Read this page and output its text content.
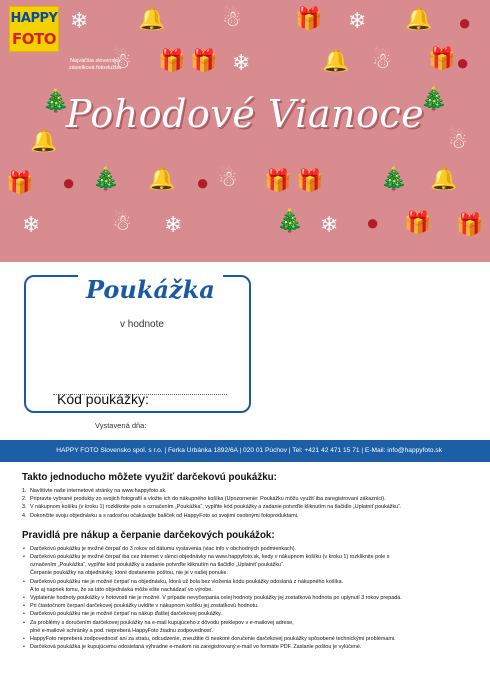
❄ 🔔	☃ 🎁 ❄ 🔔 ●
☃ 🎁 🎁 ❄	🔔 ☃ 🎁 ●
🎄	🎄
🔔	☃
🎁 ● 🎄 🔔 ● ☃ 🎁 🎁	🎄 🔔
❄	☃ ❄	🎄 ❄ ● 🎁 🎁
HAPPY
FOTO
Najväčšia slovenská zásielková fotoslužba
Pohodové Vianoce
Poukážka
v hodnote
Kód poukážky:
Vystavená dňa:
HAPPY FOTO Slovensko spol. s r.o. | Ferka Urbánka 1892/6A | 020 01 Púchov | Tel: +421 42 471 15 71 | E-Mail: info@happyfoto.sk
Takto jednoducho môžete využiť darčekovú poukážku:
1. Navštívte naše internetové stránky na www.happyfoto.sk.
2. Pripravte vybrané produkty zo svojich fotografií a vložte ich do nákupného košíka (Upozornenie: Poukážku môžu využiť iba zaregistrovaní zákazníci).
3. V nákupnom košíku (v kroku 1) rozkliknite pole s označením „Poukážka“, vyplňte kód poukážky a zadanie potvrďte kliknutím na tlačidlo „Uplatniť poukážku“.
4. Dokončite svoju objednávku a s radosťou očakávajte balíček od HappyFoto so svojimi osobnými fotoproduktami.
Pravidlá pre nákup a čerpanie darčekových poukážok:
• Darčekovú poukážku je možné čerpať do 3 rokov od dátumu vystavenia (viac info v obchodných podmienkach).
• Darčekovú poukážku je možné čerpať iba cez internet v rámci objednávky na www.happyfoto.sk, kedy v nákupnom košíku (v kroku 1) rozkliknite pole s
označením „Poukážka“, vyplňte kód poukážky a zadanie potvrďte kliknutím na tlačidlo „Uplatniť poukážku“.
Čerpanie poukážky na objednávky, ktoré dostaneme poštou, nie je v našej ponuke.
• Darčekovú poukážku nie je možné čerpať na objednávku, ktorá už bola bez vloženia kódu poukážky odoslaná z nákupného košíka.
A to aj napriek tomu, že sa táto objednávka môže ešte nachádzať vo výrobe.
• Vyplatenie hodnoty poukážky v hotovosti nie je možné. V prípade nevyčerpania celej hodnoty poukážky jej zostatková hodnota po uplynutí 3 rokov prepadá.
• Pri čiastočnom čerpaní darčekovej poukážky uvidíte v nákupnom košíku jej zostatkovú hodnotu.
• Darčekovú poukážku nie je možné čerpať na nákup ďalšej darčekovej poukážky.
• Za problémy s doručením darčekovej poukážky na e-mail kupujúceho z dôvodu preklepov v e-mailovej adrese,
plné e-mailové schránky a pod. nepreberá HappyFoto žiadnu zodpovednosť.
• HappyFoto nepreberá zodpovednosť ani za stratu, odcudzenie, zneužitie či neskoré doručenie darčekovej poukážky spôsobené technickými problémami.
• Darčeková poukážka je kupujúcemu odosielaná výhradne e-mailom na zaregistrovaný e-mail vo formáte PDF. Zaslanie poštou je vylúčené.
